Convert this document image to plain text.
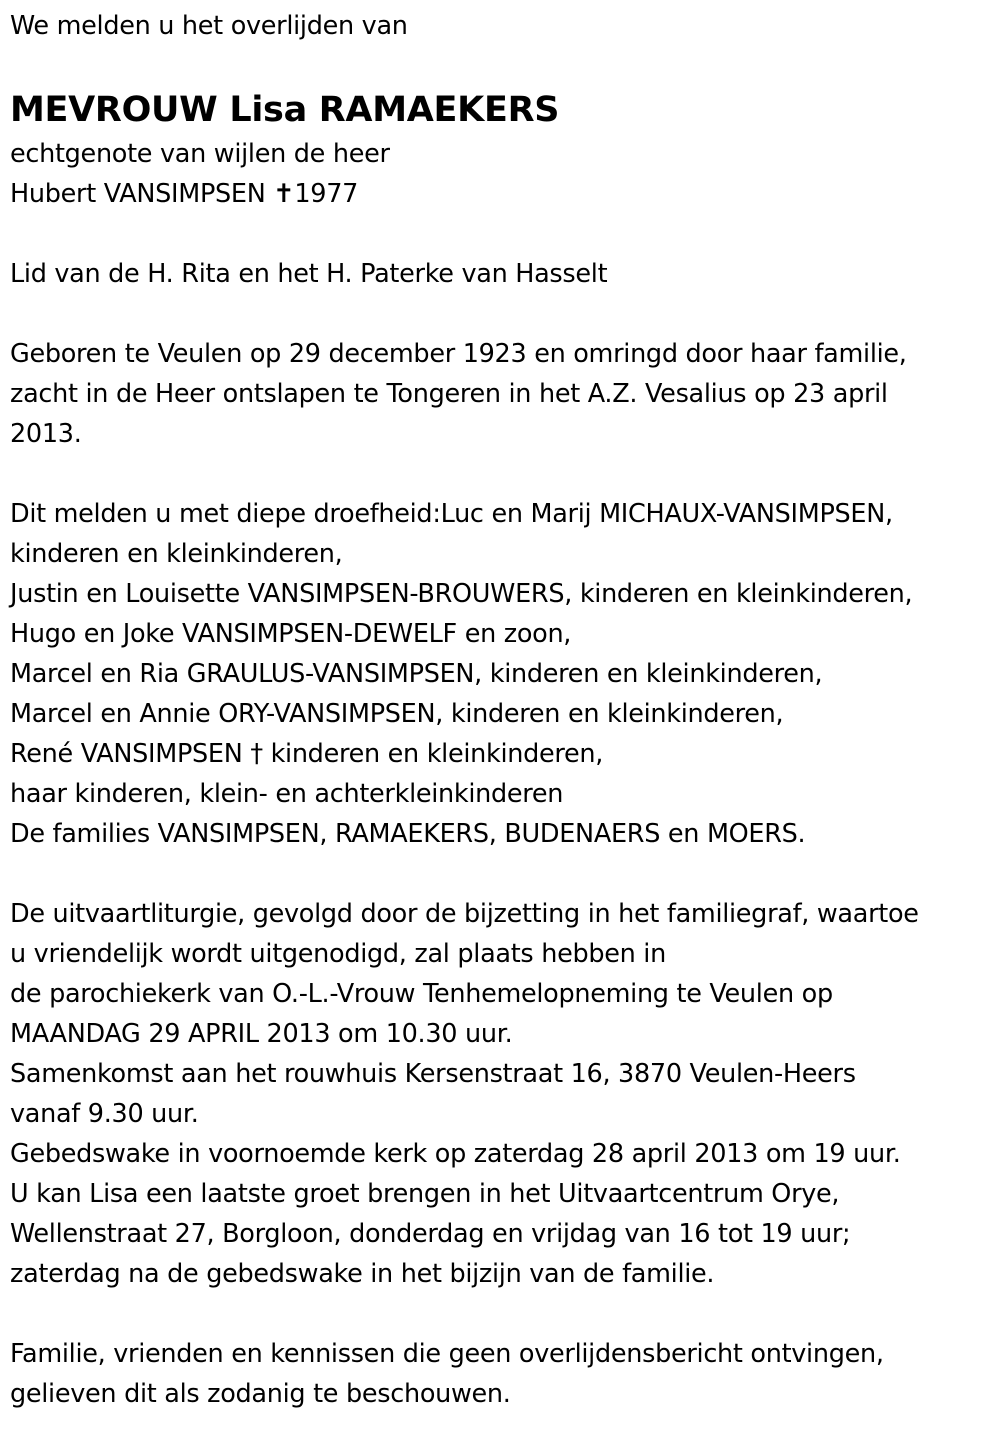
We melden u het overlijden van
MEVROUW Lisa RAMAEKERS
echtgenote van wijlen de heer
Hubert VANSIMPSEN ✝1977
Lid van de H. Rita en het H. Paterke van Hasselt
Geboren te Veulen op 29 december 1923 en omringd door haar familie,
zacht in de Heer ontslapen te Tongeren in het A.Z. Vesalius op 23 april
2013.
Dit melden u met diepe droefheid:Luc en Marij MICHAUX-VANSIMPSEN,
kinderen en kleinkinderen,
Justin en Louisette VANSIMPSEN-BROUWERS, kinderen en kleinkinderen,
Hugo en Joke VANSIMPSEN-DEWELF en zoon,
Marcel en Ria GRAULUS-VANSIMPSEN, kinderen en kleinkinderen,
Marcel en Annie ORY-VANSIMPSEN, kinderen en kleinkinderen,
René VANSIMPSEN † kinderen en kleinkinderen,
haar kinderen, klein- en achterkleinkinderen
De families VANSIMPSEN, RAMAEKERS, BUDENAERS en MOERS.
De uitvaartliturgie, gevolgd door de bijzetting in het familiegraf, waartoe
u vriendelijk wordt uitgenodigd, zal plaats hebben in
de parochiekerk van O.-L.-Vrouw Tenhemelopneming te Veulen op
MAANDAG 29 APRIL 2013 om 10.30 uur.
Samenkomst aan het rouwhuis Kersenstraat 16, 3870 Veulen-Heers
vanaf 9.30 uur.
Gebedswake in voornoemde kerk op zaterdag 28 april 2013 om 19 uur.
U kan Lisa een laatste groet brengen in het Uitvaartcentrum Orye,
Wellenstraat 27, Borgloon, donderdag en vrijdag van 16 tot 19 uur;
zaterdag na de gebedswake in het bijzijn van de familie.
Familie, vrienden en kennissen die geen overlijdensbericht ontvingen,
gelieven dit als zodanig te beschouwen.
